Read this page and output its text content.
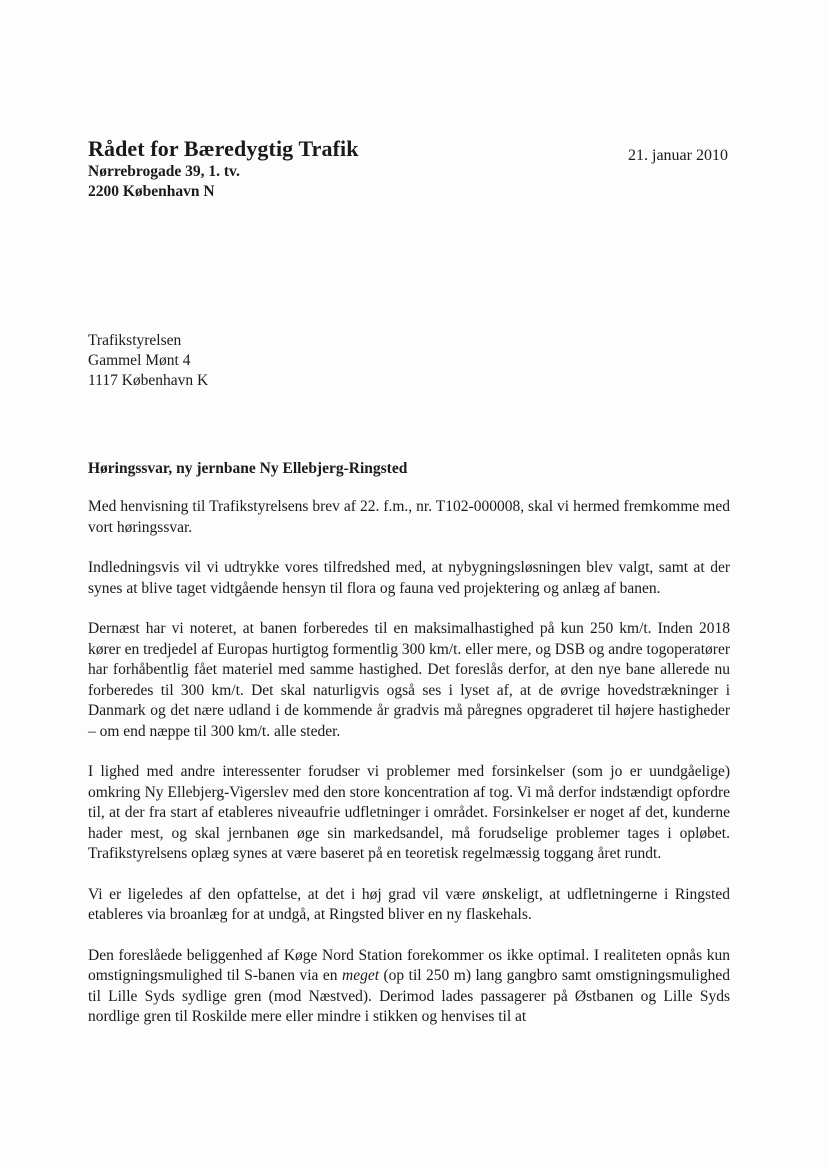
Rådet for Bæredygtig Trafik
Nørrebrogade 39, 1. tv.
2200 København N
21. januar 2010
Trafikstyrelsen
Gammel Mønt 4
1117 København K
Høringssvar, ny jernbane Ny Ellebjerg-Ringsted

Med henvisning til Trafikstyrelsens brev af 22. f.m., nr. T102-000008, skal vi hermed fremkomme med vort høringssvar.

Indledningsvis vil vi udtrykke vores tilfredshed med, at nybygningsløsningen blev valgt, samt at der synes at blive taget vidtgående hensyn til flora og fauna ved projektering og anlæg af banen.

Dernæst har vi noteret, at banen forberedes til en maksimalhastighed på kun 250 km/t. Inden 2018 kører en tredjedel af Europas hurtigtog formentlig 300 km/t. eller mere, og DSB og andre togoperatører har forhåbentlig fået materiel med samme hastighed. Det foreslås derfor, at den nye bane allerede nu forberedes til 300 km/t. Det skal naturligvis også ses i lyset af, at de øvrige hovedstrækninger i Danmark og det nære udland i de kommende år gradvis må påregnes opgraderet til højere hastigheder – om end næppe til 300 km/t. alle steder.

I lighed med andre interessenter forudser vi problemer med forsinkelser (som jo er uundgåelige) omkring Ny Ellebjerg-Vigerslev med den store koncentration af tog. Vi må derfor indstændigt opfordre til, at der fra start af etableres niveaufrie udfletninger i området. Forsinkelser er noget af det, kunderne hader mest, og skal jernbanen øge sin markedsandel, må forudselige problemer tages i opløbet. Trafikstyrelsens oplæg synes at være baseret på en teoretisk regelmæssig toggang året rundt.

Vi er ligeledes af den opfattelse, at det i høj grad vil være ønskeligt, at udfletningerne i Ringsted etableres via broanlæg for at undgå, at Ringsted bliver en ny flaskehals.

Den foreslåede beliggenhed af Køge Nord Station forekommer os ikke optimal. I realiteten opnås kun omstigningsmulighed til S-banen via en meget (op til 250 m) lang gangbro samt omstigningsmulighed til Lille Syds sydlige gren (mod Næstved). Derimod lades passagerer på Østbanen og Lille Syds nordlige gren til Roskilde mere eller mindre i stikken og henvises til at
